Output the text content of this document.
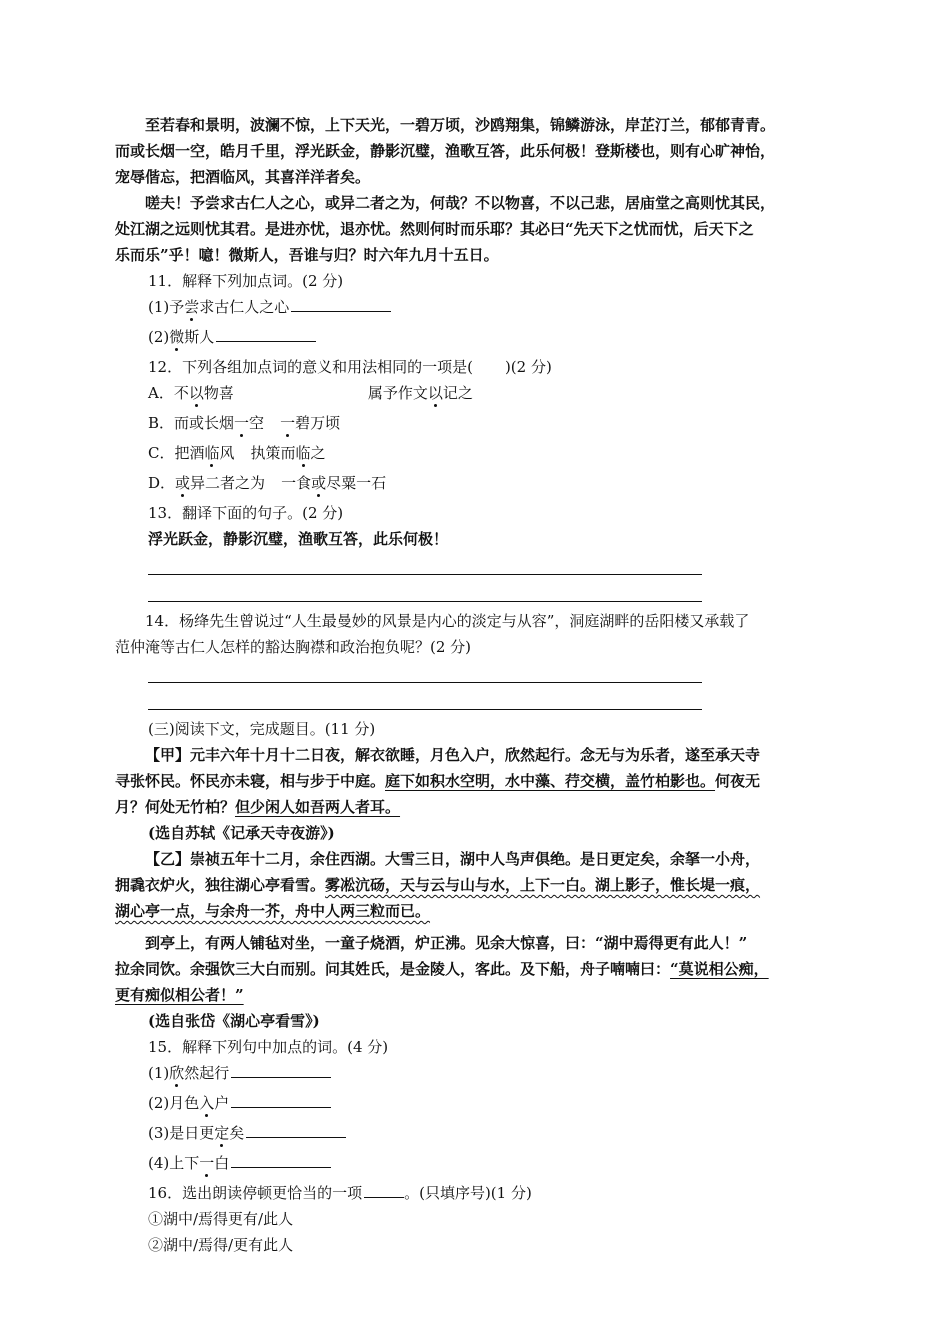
至若春和景明，波澜不惊，上下天光，一碧万顷，沙鸥翔集，锦鳞游泳，岸芷汀兰，郁郁青青。
而或长烟一空，皓月千里，浮光跃金，静影沉璧，渔歌互答，此乐何极！登斯楼也，则有心旷神怡，
宠辱偕忘，把酒临风，其喜洋洋者矣。

嗟夫！予尝求古仁人之心，或异二者之为，何哉？不以物喜，不以己悲，居庙堂之高则忧其民，
处江湖之远则忧其君。是进亦忧，退亦忧。然则何时而乐耶？其必曰“先天下之忧而忧，后天下之
乐而乐”乎！噫！微斯人，吾谁与归？时六年九月十五日。

11．解释下列加点词。(2 分)

(1)予尝求古仁人之心

(2)微斯人

12．下列各组加点词的意义和用法相同的一项是( )(2 分)

A．不以物喜	属予作文以记之

B．而或长烟一空 一碧万顷

C．把酒临风 执策而临之

D．或异二者之为 一食或尽粟一石

13．翻译下面的句子。(2 分)

浮光跃金，静影沉璧，渔歌互答，此乐何极！

14．杨绛先生曾说过“人生最曼妙的风景是内心的淡定与从容”，洞庭湖畔的岳阳楼又承载了
范仲淹等古仁人怎样的豁达胸襟和政治抱负呢？(2 分)

(三)阅读下文，完成题目。(11 分)

【甲】元丰六年十月十二日夜，解衣欲睡，月色入户，欣然起行。念无与为乐者，遂至承天寺
寻张怀民。怀民亦未寝，相与步于中庭。庭下如积水空明，水中藻、荇交横，盖竹柏影也。何夜无
月？何处无竹柏？但少闲人如吾两人者耳。

(选自苏轼《记承天寺夜游》)

【乙】崇祯五年十二月，余住西湖。大雪三日，湖中人鸟声俱绝。是日更定矣，余拏一小舟，
拥毳衣炉火，独往湖心亭看雪。雾凇沆砀，天与云与山与水，上下一白。湖上影子，惟长堤一痕，
湖心亭一点，与余舟一芥，舟中人两三粒而已。

到亭上，有两人铺毡对坐，一童子烧酒，炉正沸。见余大惊喜，曰：“湖中焉得更有此人！”
拉余同饮。余强饮三大白而别。问其姓氏，是金陵人，客此。及下船，舟子喃喃曰：“莫说相公痴，
更有痴似相公者！”

(选自张岱《湖心亭看雪》)

15．解释下列句中加点的词。(4 分)

(1)欣然起行

(2)月色入户

(3)是日更定矣

(4)上下一白

16．选出朗读停顿更恰当的一项	。(只填序号)(1 分)

①湖中/焉得更有/此人

②湖中/焉得/更有此人
